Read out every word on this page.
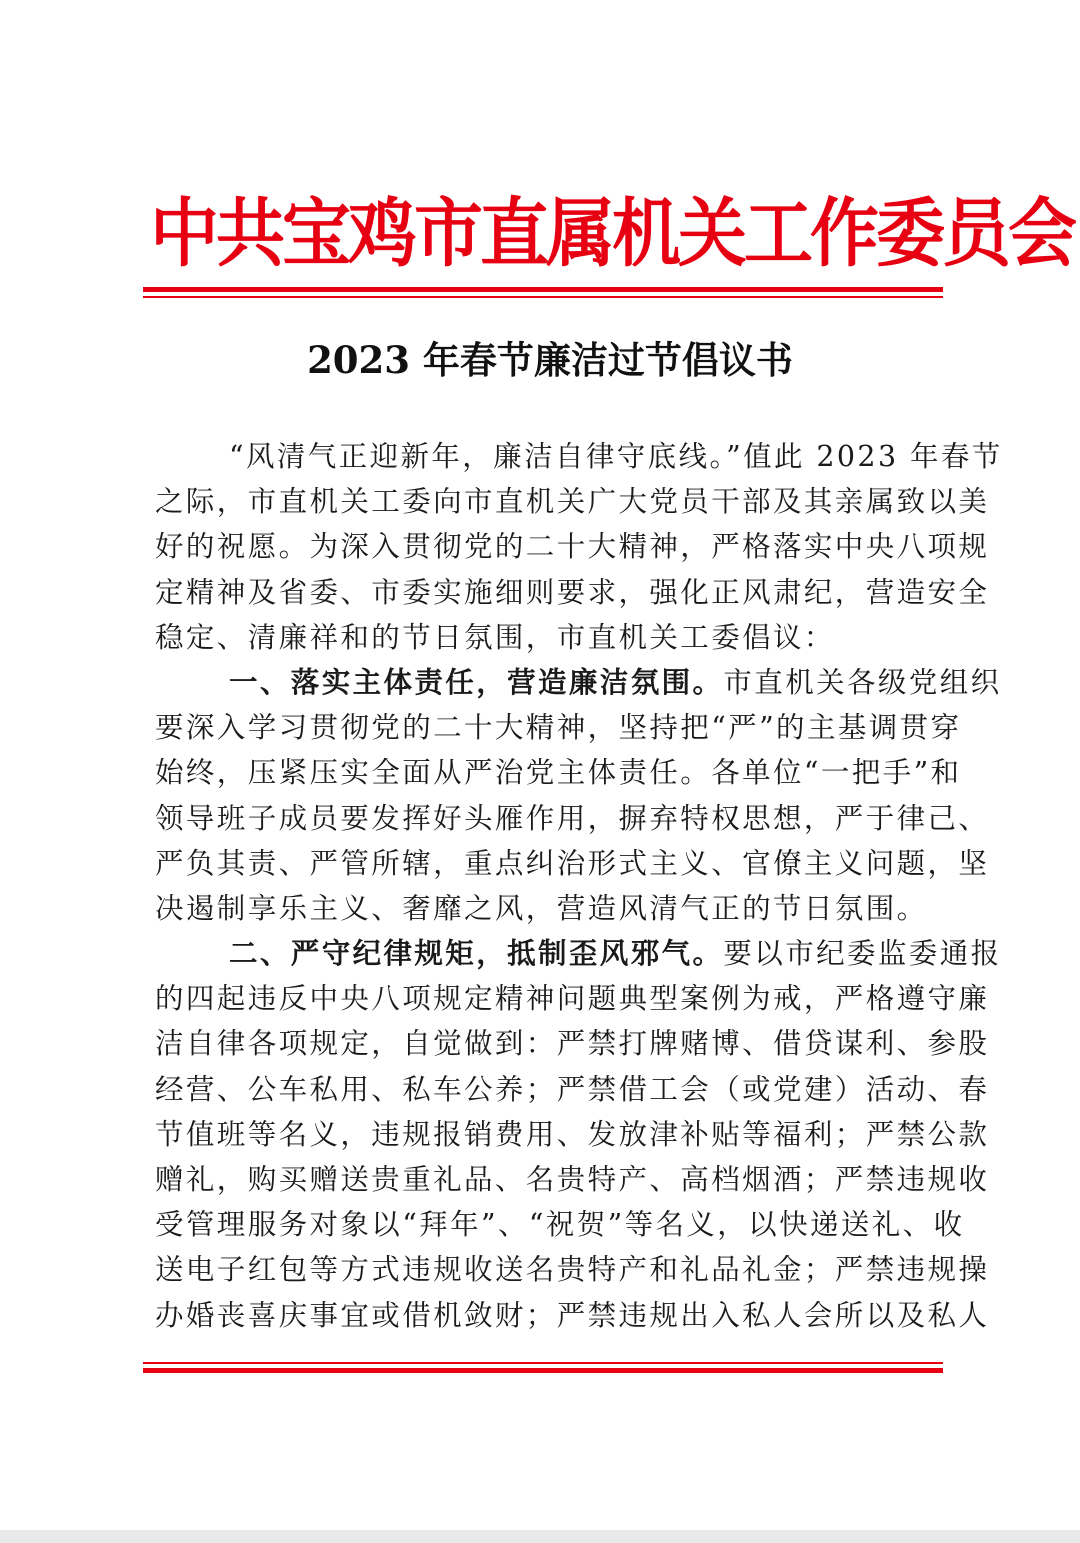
中共宝鸡市直属机关工作委员会
2023 年春节廉洁过节倡议书
“风清气正迎新年，廉洁自律守底线。”值此 2023 年春节
之际，市直机关工委向市直机关广大党员干部及其亲属致以美
好的祝愿。为深入贯彻党的二十大精神，严格落实中央八项规
定精神及省委、市委实施细则要求，强化正风肃纪，营造安全
稳定、清廉祥和的节日氛围，市直机关工委倡议：
一、落实主体责任，营造廉洁氛围。市直机关各级党组织
要深入学习贯彻党的二十大精神，坚持把“严”的主基调贯穿
始终，压紧压实全面从严治党主体责任。各单位“一把手”和
领导班子成员要发挥好头雁作用，摒弃特权思想，严于律己、
严负其责、严管所辖，重点纠治形式主义、官僚主义问题，坚
决遏制享乐主义、奢靡之风，营造风清气正的节日氛围。
二、严守纪律规矩，抵制歪风邪气。要以市纪委监委通报
的四起违反中央八项规定精神问题典型案例为戒，严格遵守廉
洁自律各项规定，自觉做到：严禁打牌赌博、借贷谋利、参股
经营、公车私用、私车公养；严禁借工会（或党建）活动、春
节值班等名义，违规报销费用、发放津补贴等福利；严禁公款
赠礼，购买赠送贵重礼品、名贵特产、高档烟酒；严禁违规收
受管理服务对象以“拜年”、“祝贺”等名义，以快递送礼、收
送电子红包等方式违规收送名贵特产和礼品礼金；严禁违规操
办婚丧喜庆事宜或借机敛财；严禁违规出入私人会所以及私人
